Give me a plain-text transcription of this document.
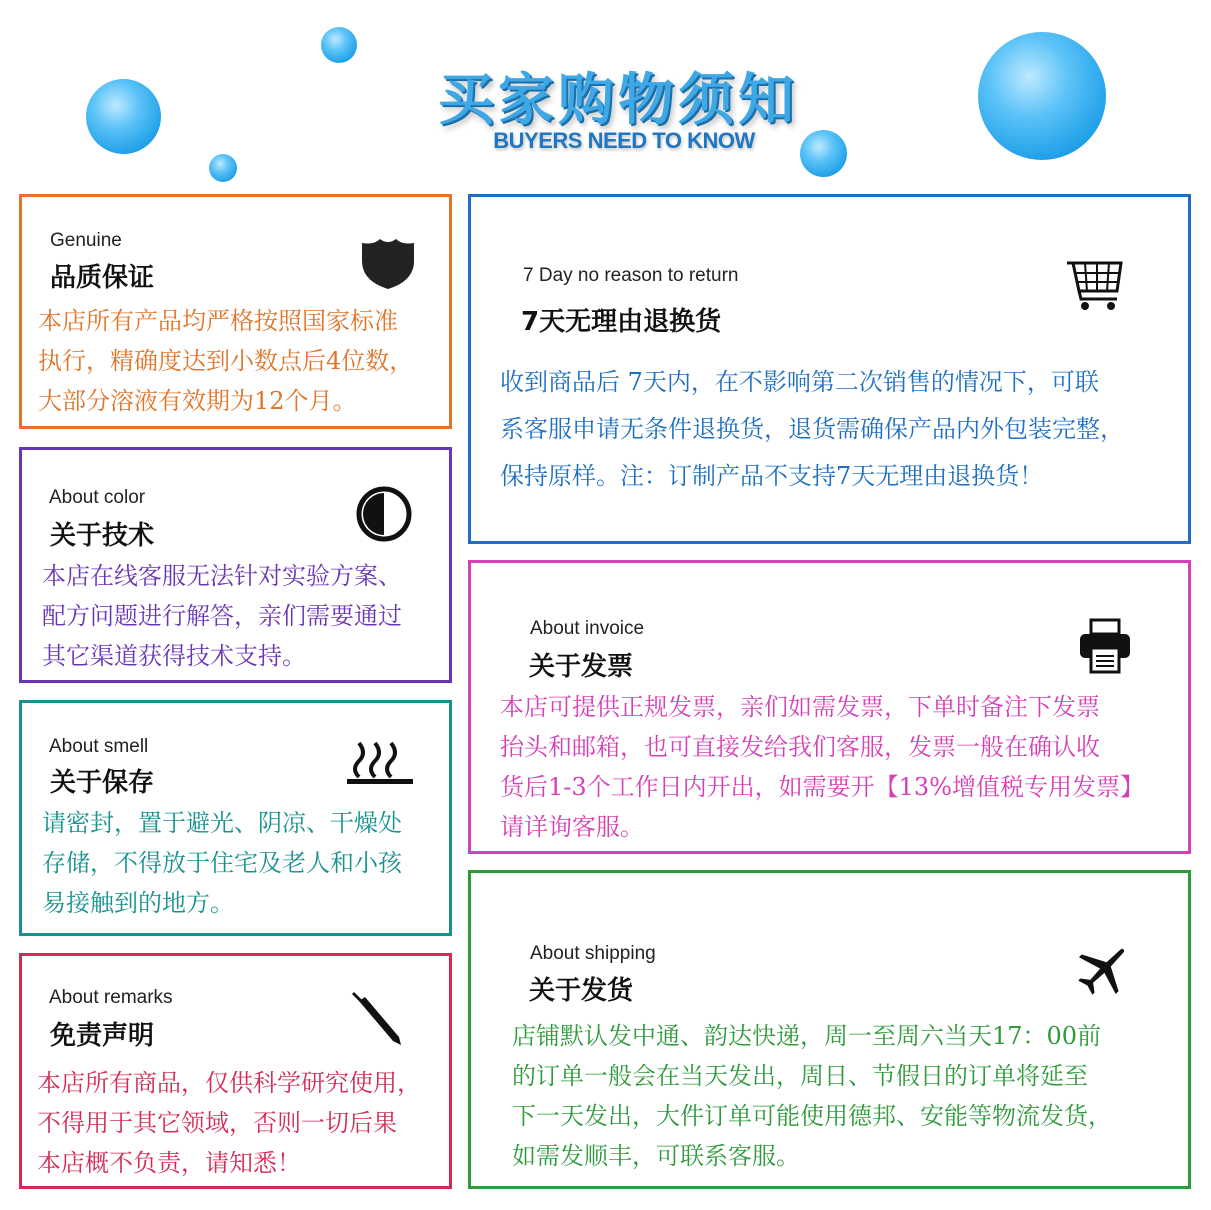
买家购物须知
BUYERS NEED TO KNOW
Genuine
品质保证
本店所有产品均严格按照国家标准
执行，精确度达到小数点后4位数，
大部分溶液有效期为12个月。
About color
关于技术
本店在线客服无法针对实验方案、
配方问题进行解答，亲们需要通过
其它渠道获得技术支持。
About smell
关于保存
请密封，置于避光、阴凉、干燥处
存储，不得放于住宅及老人和小孩
易接触到的地方。
About remarks
免责声明
本店所有商品，仅供科学研究使用，
不得用于其它领域，否则一切后果
本店概不负责，请知悉！
7 Day no reason to return
7天无理由退换货
收到商品后 7天内，在不影响第二次销售的情况下，可联
系客服申请无条件退换货，退货需确保产品内外包装完整，
保持原样。注：订制产品不支持7天无理由退换货！
About invoice
关于发票
本店可提供正规发票，亲们如需发票，下单时备注下发票
抬头和邮箱，也可直接发给我们客服，发票一般在确认收
货后1-3个工作日内开出，如需要开【13%增值税专用发票】
请详询客服。
About shipping
关于发货
店铺默认发中通、韵达快递，周一至周六当天17：00前
的订单一般会在当天发出，周日、节假日的订单将延至
下一天发出，大件订单可能使用德邦、安能等物流发货，
如需发顺丰，可联系客服。
